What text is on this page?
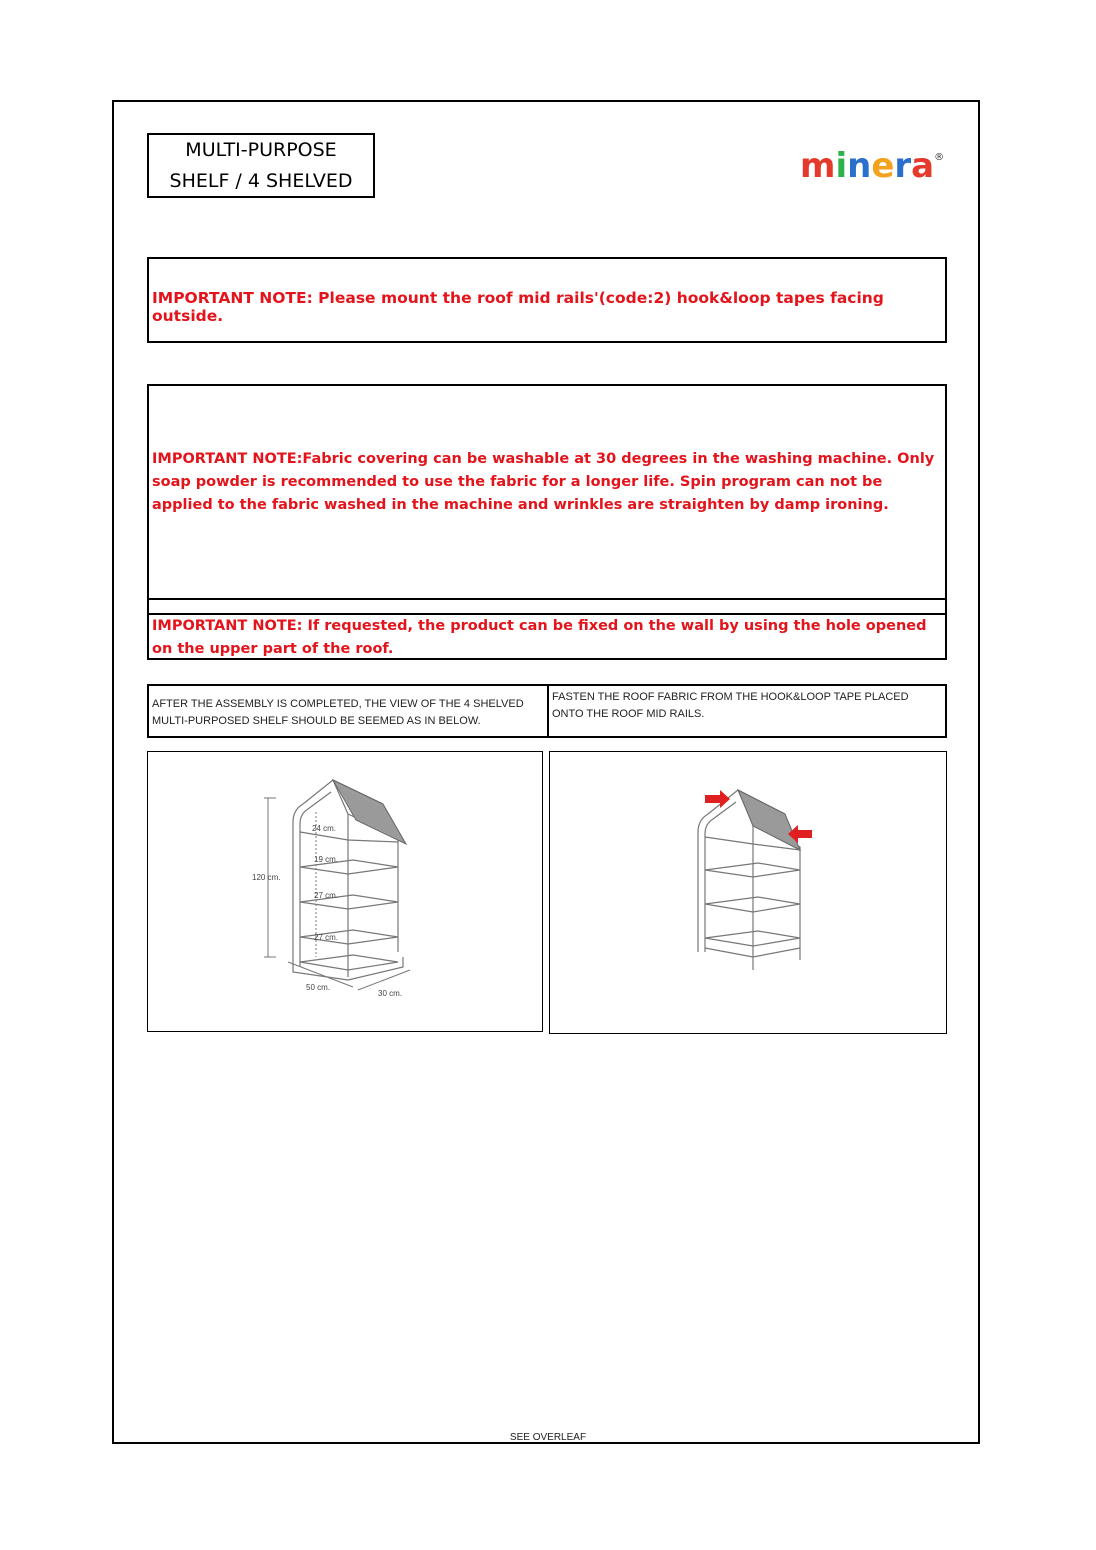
MULTI-PURPOSE
SHELF / 4 SHELVED	minera®
IMPORTANT NOTE: Please mount the roof mid rails'(code:2) hook&loop tapes facing outside.
IMPORTANT NOTE:Fabric covering can be washable at 30 degrees in the washing machine. Only soap powder is recommended to use the fabric for a longer life. Spin program can not be applied to the fabric washed in the machine and wrinkles are straighten by damp ironing.
IMPORTANT NOTE: If requested, the product can be fixed on the wall by using the hole opened on the upper part of the roof.
AFTER THE ASSEMBLY IS COMPLETED, THE VIEW OF THE 4 SHELVED MULTI-PURPOSED SHELF SHOULD BE SEEMED AS IN BELOW.
FASTEN THE ROOF FABRIC FROM THE HOOK&LOOP TAPE PLACED ONTO THE ROOF MID RAILS.
120 cm.
24 cm.
19 cm.
27 cm.
27 cm.
50 cm.
30 cm.
SEE OVERLEAF
